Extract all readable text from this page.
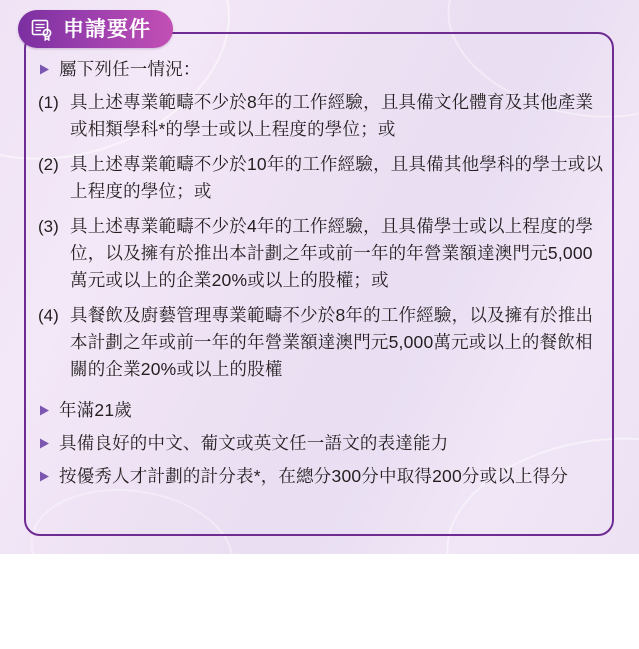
申請要件
屬下列任一情況：
(1) 具上述專業範疇不少於8年的工作經驗，且具備文化體育及其他產業或相類學科*的學士或以上程度的學位；或
(2) 具上述專業範疇不少於10年的工作經驗，且具備其他學科的學士或以上程度的學位；或
(3) 具上述專業範疇不少於4年的工作經驗，且具備學士或以上程度的學位，以及擁有於推出本計劃之年或前一年的年營業額達澳門元5,000萬元或以上的企業20%或以上的股權；或
(4) 具餐飲及廚藝管理專業範疇不少於8年的工作經驗，以及擁有於推出本計劃之年或前一年的年營業額達澳門元5,000萬元或以上的餐飲相關的企業20%或以上的股權
年滿21歲
具備良好的中文、葡文或英文任一語文的表達能力
按優秀人才計劃的計分表*，在總分300分中取得200分或以上得分
